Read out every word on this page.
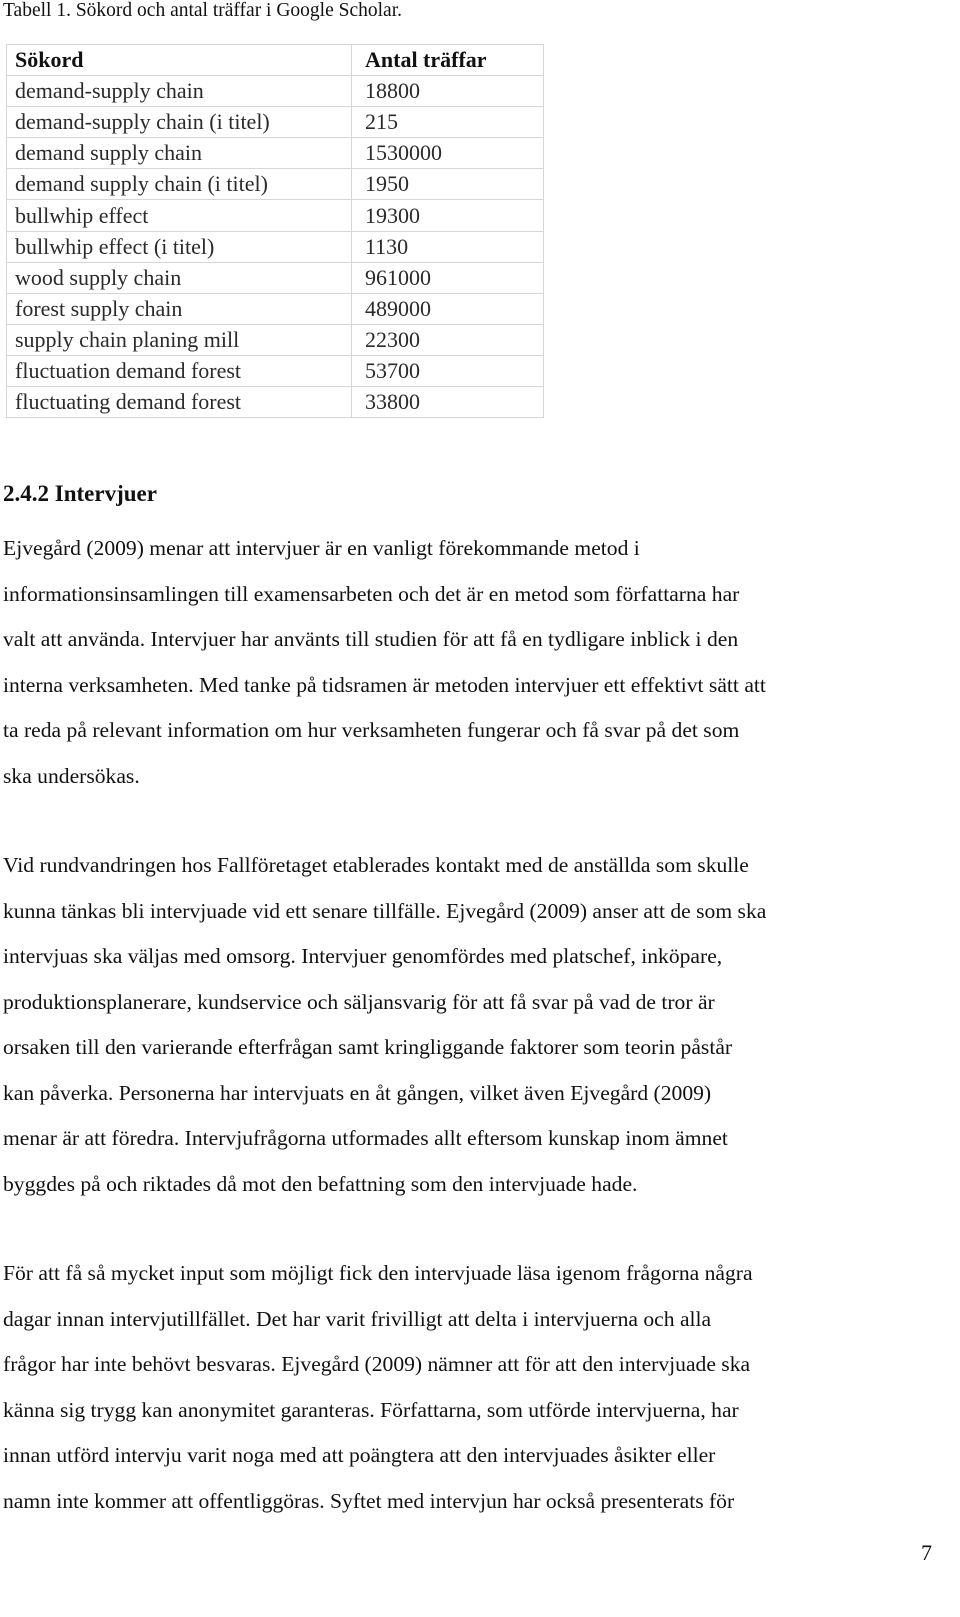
Tabell 1. Sökord och antal träffar i Google Scholar.
Sökord	Antal träffar
demand-supply chain	18800
demand-supply chain (i titel)	215
demand supply chain	1530000
demand supply chain (i titel)	1950
bullwhip effect	19300
bullwhip effect (i titel)	1130
wood supply chain	961000
forest supply chain	489000
supply chain planing mill	22300
fluctuation demand forest	53700
fluctuating demand forest	33800
2.4.2 Intervjuer
Ejvegård (2009) menar att intervjuer är en vanligt förekommande metod i
informationsinsamlingen till examensarbeten och det är en metod som författarna har
valt att använda. Intervjuer har använts till studien för att få en tydligare inblick i den
interna verksamheten. Med tanke på tidsramen är metoden intervjuer ett effektivt sätt att
ta reda på relevant information om hur verksamheten fungerar och få svar på det som
ska undersökas.
Vid rundvandringen hos Fallföretaget etablerades kontakt med de anställda som skulle
kunna tänkas bli intervjuade vid ett senare tillfälle. Ejvegård (2009) anser att de som ska
intervjuas ska väljas med omsorg. Intervjuer genomfördes med platschef, inköpare,
produktionsplanerare, kundservice och säljansvarig för att få svar på vad de tror är
orsaken till den varierande efterfrågan samt kringliggande faktorer som teorin påstår
kan påverka. Personerna har intervjuats en åt gången, vilket även Ejvegård (2009)
menar är att föredra. Intervjufrågorna utformades allt eftersom kunskap inom ämnet
byggdes på och riktades då mot den befattning som den intervjuade hade.
För att få så mycket input som möjligt fick den intervjuade läsa igenom frågorna några
dagar innan intervjutillfället. Det har varit frivilligt att delta i intervjuerna och alla
frågor har inte behövt besvaras. Ejvegård (2009) nämner att för att den intervjuade ska
känna sig trygg kan anonymitet garanteras. Författarna, som utförde intervjuerna, har
innan utförd intervju varit noga med att poängtera att den intervjuades åsikter eller
namn inte kommer att offentliggöras. Syftet med intervjun har också presenterats för
7
